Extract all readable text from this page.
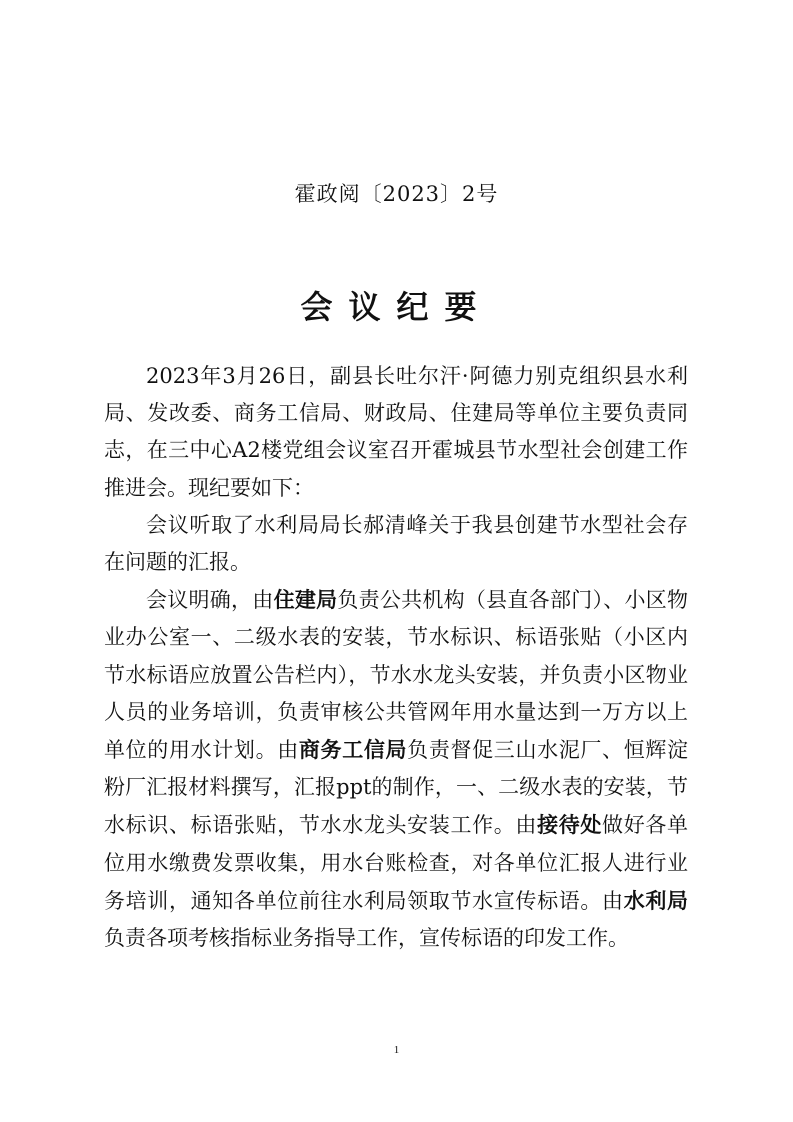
霍政阅〔2023〕2号
会议纪要

2023年3月26日，副县长吐尔汗·阿德力别克组织县水利局、发改委、商务工信局、财政局、住建局等单位主要负责同志，在三中心A2楼党组会议室召开霍城县节水型社会创建工作推进会。现纪要如下：

会议听取了水利局局长郝清峰关于我县创建节水型社会存在问题的汇报。

会议明确，由住建局负责公共机构（县直各部门）、小区物业办公室一、二级水表的安装，节水标识、标语张贴（小区内节水标语应放置公告栏内），节水水龙头安装，并负责小区物业人员的业务培训，负责审核公共管网年用水量达到一万方以上单位的用水计划。由商务工信局负责督促三山水泥厂、恒辉淀粉厂汇报材料撰写，汇报ppt的制作，一、二级水表的安装，节水标识、标语张贴，节水水龙头安装工作。由接待处做好各单位用水缴费发票收集，用水台账检查，对各单位汇报人进行业务培训，通知各单位前往水利局领取节水宣传标语。由水利局负责各项考核指标业务指导工作，宣传标语的印发工作。

1
